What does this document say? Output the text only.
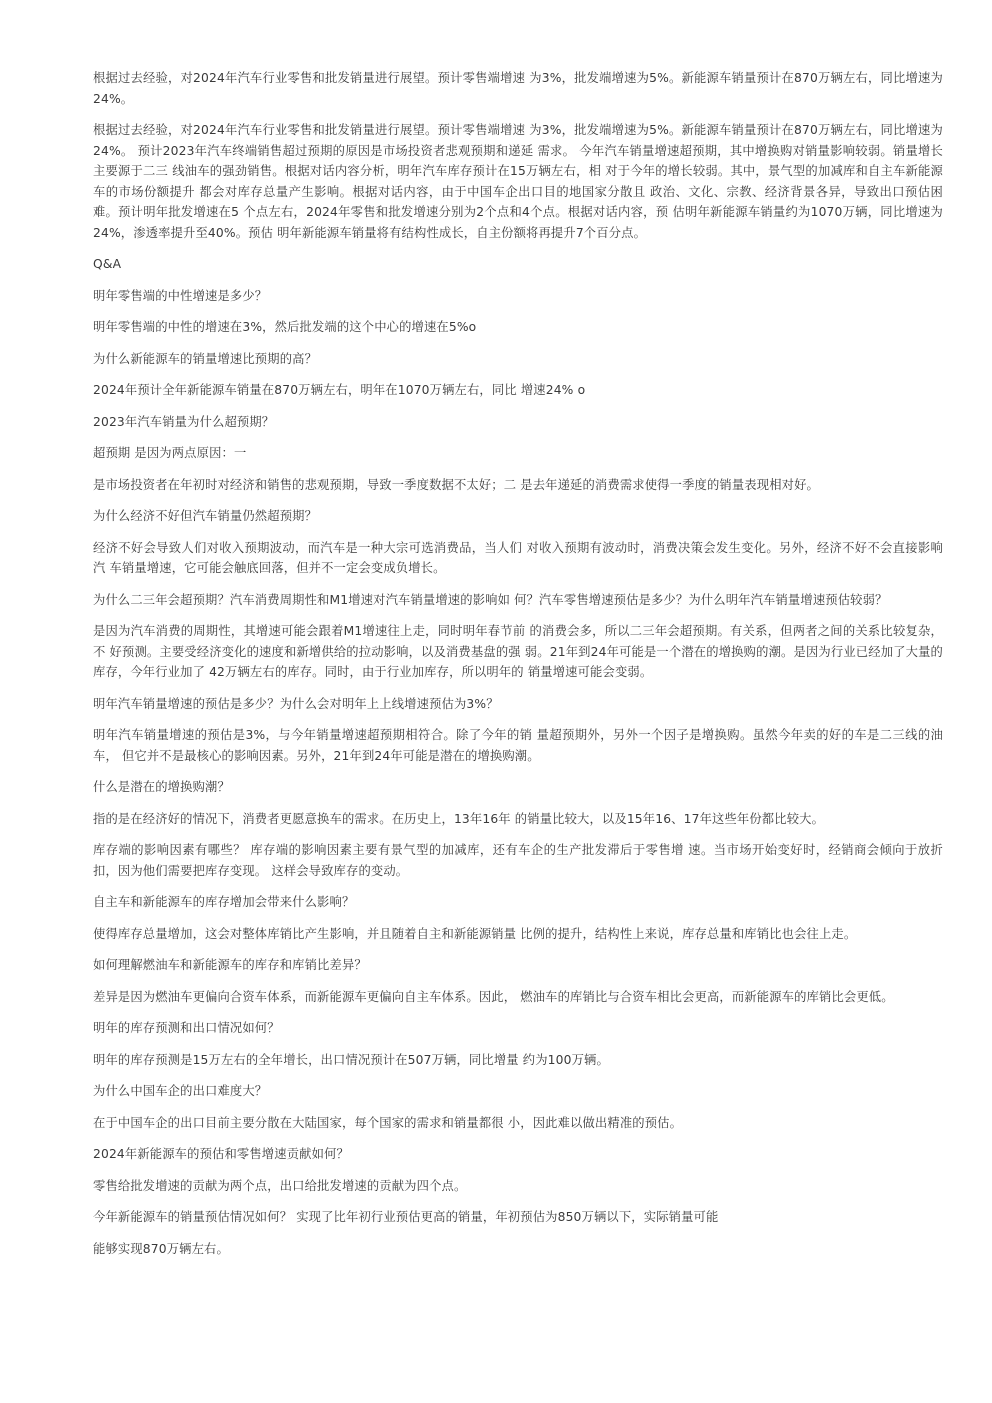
根据过去经验，对2024年汽车行业零售和批发销量进行展望。预计零售端增速 为3%，批发端增速为5%。新能源车销量预计在870万辆左右，同比增速为24%。

根据过去经验，对2024年汽车行业零售和批发销量进行展望。预计零售端增速 为3%，批发端增速为5%。新能源车销量预计在870万辆左右，同比增速为24%。 预计2023年汽车终端销售超过预期的原因是市场投资者悲观预期和递延 需求。 今年汽车销量增速超预期，其中增换购对销量影响较弱。销量增长主要源于二三 线油车的强劲销售。根据对话内容分析，明年汽车库存预计在15万辆左右，相 对于今年的增长较弱。其中，景气型的加减库和自主车新能源车的市场份额提升 都会对库存总量产生影响。根据对话内容，由于中国车企出口目的地国家分散且 政治、文化、宗教、经济背景各异，导致出口预估困难。预计明年批发增速在5 个点左右，2024年零售和批发增速分别为2个点和4个点。根据对话内容，预 估明年新能源车销量约为1070万辆，同比增速为24%，渗透率提升至40%。预估 明年新能源车销量将有结构性成长，自主份额将再提升7个百分点。

Q&A

明年零售端的中性增速是多少？

明年零售端的中性的增速在3%，然后批发端的这个中心的增速在5%o

为什么新能源车的销量增速比预期的高？

2024年预计全年新能源车销量在870万辆左右，明年在1070万辆左右，同比 增速24% o

2023年汽车销量为什么超预期？

超预期 是因为两点原因：一

是市场投资者在年初时对经济和销售的悲观预期，导致一季度数据不太好；二 是去年递延的消费需求使得一季度的销量表现相对好。

为什么经济不好但汽车销量仍然超预期？

经济不好会导致人们对收入预期波动，而汽车是一种大宗可选消费品，当人们 对收入预期有波动时，消费决策会发生变化。另外，经济不好不会直接影响汽 车销量增速，它可能会触底回落，但并不一定会变成负增长。

为什么二三年会超预期？汽车消费周期性和M1增速对汽车销量增速的影响如 何？汽车零售增速预估是多少？为什么明年汽车销量增速预估较弱？

是因为汽车消费的周期性，其增速可能会跟着M1增速往上走，同时明年春节前 的消费会多，所以二三年会超预期。有关系，但两者之间的关系比较复杂，不 好预测。主要受经济变化的速度和新增供给的拉动影响，以及消费基盘的强 弱。21年到24年可能是一个潜在的增换购的潮。是因为行业已经加了大量的 库存，今年行业加了 42万辆左右的库存。同时，由于行业加库存，所以明年的 销量增速可能会变弱。

明年汽车销量增速的预估是多少？为什么会对明年上上线增速预估为3%？

明年汽车销量增速的预估是3%，与今年销量增速超预期相符合。除了今年的销 量超预期外，另外一个因子是增换购。虽然今年卖的好的车是二三线的油车， 但它并不是最核心的影响因素。另外，21年到24年可能是潜在的增换购潮。

什么是潜在的增换购潮？

指的是在经济好的情况下，消费者更愿意换车的需求。在历史上，13年16年 的销量比较大，以及15年16、17年这些年份都比较大。

库存端的影响因素有哪些？ 库存端的影响因素主要有景气型的加减库，还有车企的生产批发滞后于零售增 速。当市场开始变好时，经销商会倾向于放折扣，因为他们需要把库存变现。 这样会导致库存的变动。

自主车和新能源车的库存增加会带来什么影响？

使得库存总量增加，这会对整体库销比产生影响，并且随着自主和新能源销量 比例的提升，结构性上来说，库存总量和库销比也会往上走。

如何理解燃油车和新能源车的库存和库销比差异？

差异是因为燃油车更偏向合资车体系，而新能源车更偏向自主车体系。因此， 燃油车的库销比与合资车相比会更高，而新能源车的库销比会更低。

明年的库存预测和出口情况如何？

明年的库存预测是15万左右的全年增长，出口情况预计在507万辆，同比增量 约为100万辆。

为什么中国车企的出口难度大？

在于中国车企的出口目前主要分散在大陆国家，每个国家的需求和销量都很 小，因此难以做出精准的预估。

2024年新能源车的预估和零售增速贡献如何？

零售给批发增速的贡献为两个点，出口给批发增速的贡献为四个点。

今年新能源车的销量预估情况如何？ 实现了比年初行业预估更高的销量，年初预估为850万辆以下，实际销量可能

能够实现870万辆左右。
